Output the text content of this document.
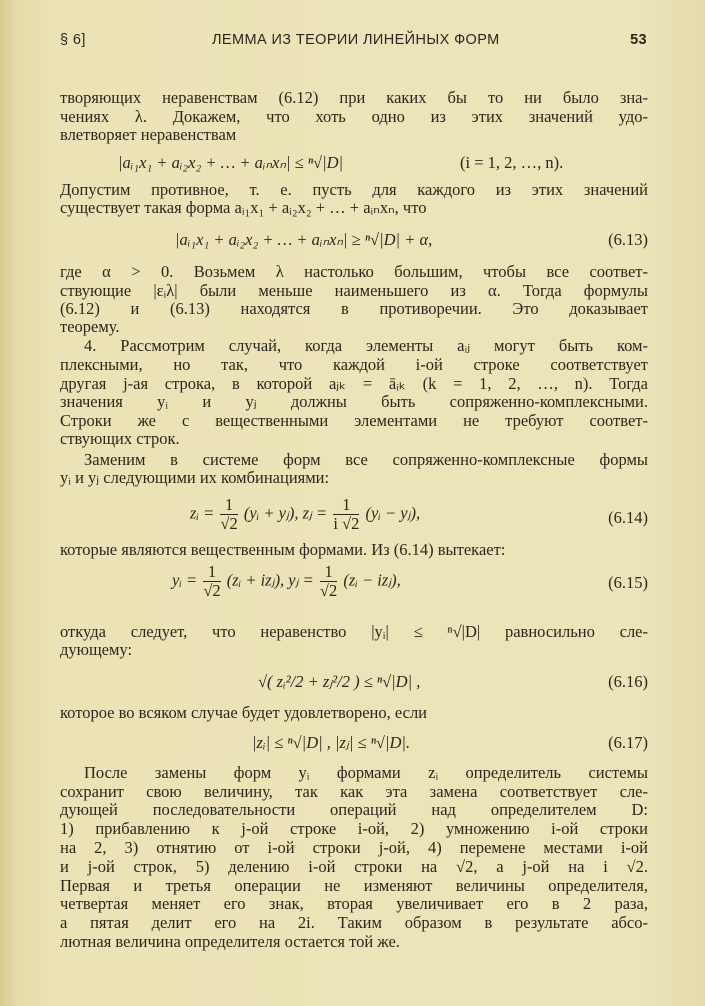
§ 6]	ЛЕММА ИЗ ТЕОРИИ ЛИНЕЙНЫХ ФОРМ	53
творяющих неравенствам (6.12) при каких бы то ни было зна-
чениях λ. Докажем, что хоть одно из этих значений удо-
влетворяет неравенствам
|aᵢ₁x₁ + aᵢ₂x₂ + … + aᵢₙxₙ| ≤ ⁿ√|D|	(i = 1, 2, …, n).
Допустим противное, т. е. пусть для каждого из этих значений
существует такая форма aᵢ₁x₁ + aᵢ₂x₂ + … + aᵢₙxₙ, что
|aᵢ₁x₁ + aᵢ₂x₂ + … + aᵢₙxₙ| ≥ ⁿ√|D| + α,	(6.13)
где α > 0. Возьмем λ настолько большим, чтобы все соответ-
ствующие |εᵢλ| были меньше наименьшего из α. Тогда формулы
(6.12) и (6.13) находятся в противоречии. Это доказывает
теорему.
4. Рассмотрим случай, когда элементы aᵢⱼ могут быть ком-
плексными, но так, что каждой i-ой строке соответствует
другая j-ая строка, в которой aⱼₖ = āᵢₖ (k = 1, 2, …, n). Тогда
значения yᵢ и yⱼ должны быть сопряженно-комплексными.
Строки же с вещественными элементами не требуют соответ-
ствующих строк.
Заменим в системе форм все сопряженно-комплексные формы
yᵢ и yⱼ следующими их комбинациями:
zᵢ = $\frac{1}{√2}$ (yᵢ + yⱼ), zⱼ = $\frac{1}{i √2}$ (yᵢ − yⱼ),	(6.14)
которые являются вещественным формами. Из (6.14) вытекает:
yᵢ = $\frac{1}{√2}$ (zᵢ + izⱼ), yⱼ = $\frac{1}{√2}$ (zᵢ − izⱼ),	(6.15)
откуда следует, что неравенство |yᵢ| ≤ ⁿ√|D| равносильно сле-
дующему:
√( zᵢ²/2 + zⱼ²/2 ) ≤ ⁿ√|D| ,	(6.16)
которое во всяком случае будет удовлетворено, если
|zᵢ| ≤ ⁿ√|D| , |zⱼ| ≤ ⁿ√|D|.	(6.17)
После замены форм yᵢ формами zᵢ определитель системы
сохранит свою величину, так как эта замена соответствует сле-
дующей последовательности операций над определителем D:
1) прибавлению к j-ой строке i-ой, 2) умножению i-ой строки
на 2, 3) отнятию от i-ой строки j-ой, 4) перемене местами i-ой
и j-ой строк, 5) делению i-ой строки на √2, а j-ой на i √2.
Первая и третья операции не изменяют величины определителя,
четвертая меняет его знак, вторая увеличивает его в 2 раза,
а пятая делит его на 2i. Таким образом в результате абсо-
лютная величина определителя остается той же.
